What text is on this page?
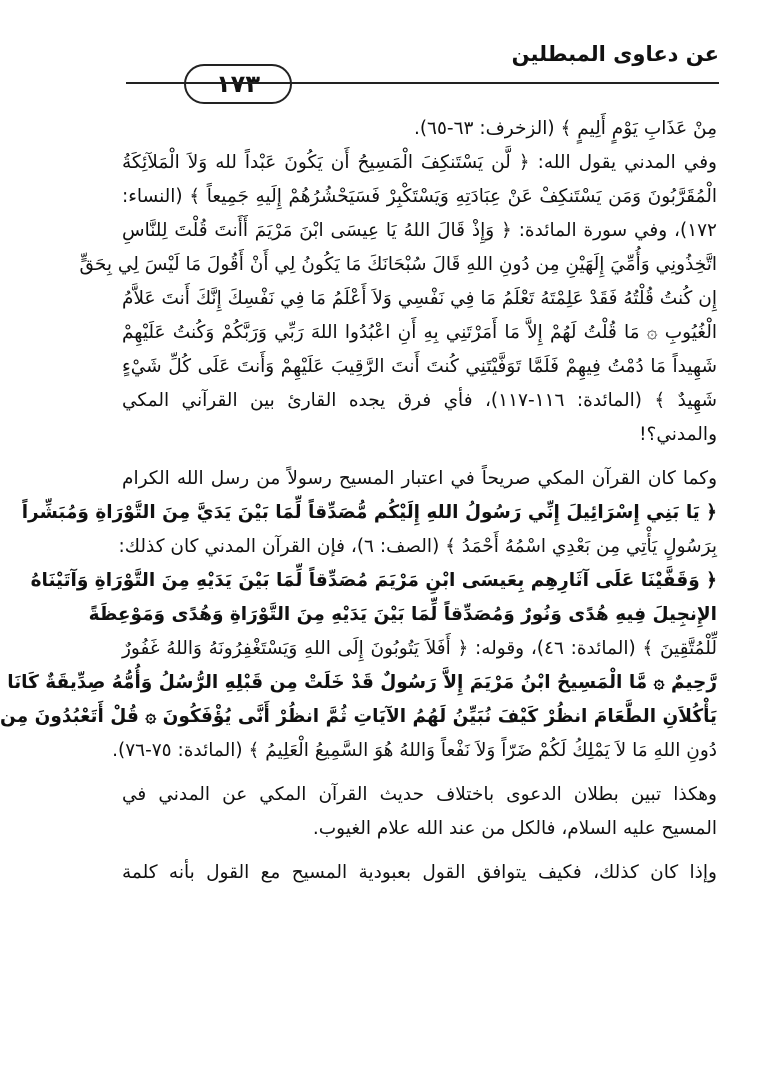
عن دعاوى المبطلين
١٧٣
مِنْ عَذَابِ يَوْمٍ أَلِيمٍ ﴾ (الزخرف: ٦٣-٦٥).
وفي المدني يقول الله: ﴿ لَّن يَسْتَنكِفَ الْمَسِيحُ أَن يَكُونَ عَبْداً لله وَلاَ الْمَلآئِكَةُ
الْمُقَرَّبُونَ وَمَن يَسْتَنكِفْ عَنْ عِبَادَتِهِ وَيَسْتَكْبِرْ فَسَيَحْشُرُهُمْ إِلَيهِ جَمِيعاً ﴾ (النساء:
١٧٢)، وفي سورة المائدة: ﴿ وَإِذْ قَالَ اللهُ يَا عِيسَى ابْنَ مَرْيَمَ أَأَنتَ قُلْتَ لِلنَّاسِ
اتَّخِذُونِي وَأُمِّيَ إِلَهَيْنِ مِن دُونِ اللهِ قَالَ سُبْحَانَكَ مَا يَكُونُ لِي أَنْ أَقُولَ مَا لَيْسَ لِي بِحَقٍّ
إِن كُنتُ قُلْتُهُ فَقَدْ عَلِمْتَهُ تَعْلَمُ مَا فِي نَفْسِي وَلاَ أَعْلَمُ مَا فِي نَفْسِكَ إِنَّكَ أَنتَ عَلاَّمُ
الْغُيُوبِ ۞ مَا قُلْتُ لَهُمْ إِلاَّ مَا أَمَرْتَنِي بِهِ أَنِ اعْبُدُوا اللهَ رَبِّي وَرَبَّكُمْ وَكُنتُ عَلَيْهِمْ
شَهِيداً مَا دُمْتُ فِيهِمْ فَلَمَّا تَوَفَّيْتَنِي كُنتَ أَنتَ الرَّقِيبَ عَلَيْهِمْ وَأَنتَ عَلَى كُلِّ شَيْءٍ
شَهِيدٌ ﴾ (المائدة: ١١٦-١١٧)، فأي فرق يجده القارئ بين القرآني المكي
والمدني؟!
وكما كان القرآن المكي صريحاً في اعتبار المسيح رسولاً من رسل الله الكرام
﴿ يَا بَنِي إِسْرَائِيلَ إِنِّي رَسُولُ اللهِ إِلَيْكُم مُّصَدِّقاً لِّمَا بَيْنَ يَدَيَّ مِنَ التَّوْرَاةِ وَمُبَشِّراً
بِرَسُولٍ يَأْتِي مِن بَعْدِي اسْمُهُ أَحْمَدُ ﴾ (الصف: ٦)، فإن القرآن المدني كان كذلك:
﴿ وَقَفَّيْنَا عَلَى آثَارِهِم بِعَيسَى ابْنِ مَرْيَمَ مُصَدِّقاً لِّمَا بَيْنَ يَدَيْهِ مِنَ التَّوْرَاةِ وَآتَيْنَاهُ
الإِنجِيلَ فِيهِ هُدًى وَنُورٌ وَمُصَدِّقاً لِّمَا بَيْنَ يَدَيْهِ مِنَ التَّوْرَاةِ وَهُدًى وَمَوْعِظَةً
لِّلْمُتَّقِينَ ﴾ (المائدة: ٤٦)، وقوله: ﴿ أَفَلاَ يَتُوبُونَ إِلَى اللهِ وَيَسْتَغْفِرُونَهُ وَاللهُ غَفُورٌ
رَّحِيمٌ ۞ مَّا الْمَسِيحُ ابْنُ مَرْيَمَ إِلاَّ رَسُولٌ قَدْ خَلَتْ مِن قَبْلِهِ الرُّسُلُ وَأُمُّهُ صِدِّيقَةٌ كَانَا
يَأْكُلاَنِ الطَّعَامَ انظُرْ كَيْفَ نُبَيِّنُ لَهُمُ الآيَاتِ ثُمَّ انظُرْ أَنَّى يُؤْفَكُونَ ۞ قُلْ أَتَعْبُدُونَ مِن
دُونِ اللهِ مَا لاَ يَمْلِكُ لَكُمْ ضَرّاً وَلاَ نَفْعاً وَاللهُ هُوَ السَّمِيعُ الْعَلِيمُ ﴾ (المائدة: ٧٥-٧٦).
وهكذا تبين بطلان الدعوى باختلاف حديث القرآن المكي عن المدني في
المسيح عليه السلام، فالكل من عند الله علام الغيوب.
وإذا كان كذلك، فكيف يتوافق القول بعبودية المسيح مع القول بأنه كلمة
